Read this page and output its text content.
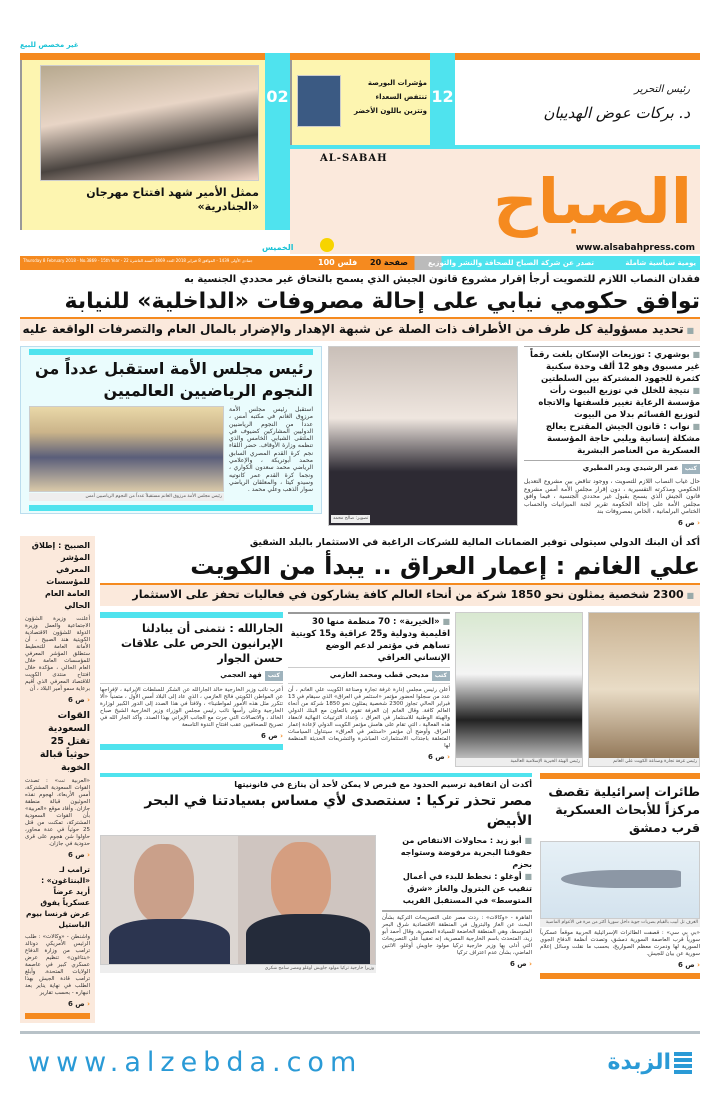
غير مخصص للبيع
ممثل الأمير شهد افتتاح مهرجان «الجنادرية»
02
مؤشرات البورصة
تنتفض السعداء
وتتزين باللون الأخضر
12	رئيس التحرير
د. بركات عوض الهديبان
AL-SABAH
الصباح
www.alsabahpress.com
الخميس
Thursday 8 February 2018 - No.3869 - 15th Year - 22 جمادى الأولى 1439 - الموافق 8 فبراير 2018 العدد 3869 السنة العاشرة	100 فلس 20 صفحة	تصدر عن شركة الصباح للصحافة والنشر والتوزيع	يومية سياسية شاملة
فقدان النصاب اللازم للتصويت أرجأ إقرار مشروع قانون الجيش الذي يسمح بالتحاق غير محددي الجنسية به
توافق حكومي نيابي على إحالة مصروفات «الداخلية» للنيابة
■ تحديد مسؤولية كل طرف من الأطراف ذات الصلة عن شبهة الإهدار والإضرار بالمال العام والتصرفات الواقعة عليه
■ بوشهري : توزيعات الإسكان بلغت رقماً غير مسبوق وهو 12 ألف وحدة سكنية كثمرة للجهود المشتركة بين السلطتين
■ نتيجة للخلل في توزيع البيوت رأت مؤسسة الرعاية تغيير فلسفتها والاتجاه لتوزيع القسائم بدلا من البيوت
■ نواب : قانون الجيش المقترح يعالج مشكلة إنسانية ويلبي حاجة المؤسسة العسكرية من العناصر البشرية
كتبعمر الرشيدي وبدر المطيري
حال غياب النصاب اللازم للتصويت ، ووجود تناقض بين مشروع التعديل الحكومي ومذكرته التفسيرية ، دون إقرار مجلس الأمة أمس مشروع قانون الجيش الذي يسمح بقبول غير محددي الجنسية ، فيما وافق مجلس الأمة على إحالة الحكومة تقرير لجنة الميزانيات والحساب الختامي البرلمانية ، الخاص بمصروفات بند
‹ ص 6
تصوير: صالح محمد
رئيس مجلس الأمة استقبل عدداً من النجوم الرياضيين العالميين
استقبل رئيس مجلس الأمة مرزوق الغانم في مكتبه أمس ، عدداً من النجوم الرياضيين الدوليين المشاركين كضيوف في الملتقى الشبابي الخامس والذي تنظمه وزارة الأوقاف. حضر اللقاء نجم كرة القدم المصري السابق محمد أبوتريكة ، والإعلامي الرياضي محمد سعدون الكواري ، ونجما كرة القدم عمر كانوتيه وسيدو كيتا ، والمعلقان الرياضي سوار الذهب وعلي محمد .
رئيس مجلس الأمة مرزوق الغانم مستقبلاً عدداً من النجوم الرياضيين أمس
الصبيح : إطلاق المؤشر المعرفي للمؤسسات العامة العام الحالي
أعلنت وزيرة الشؤون الاجتماعية والعمل وزيرة الدولة للشؤون الاقتصادية الكويتية هند الصبيح ، أن الأمانة العامة للتخطيط ستطلق المؤشر المعرفي للمؤسسات العامة خلال العام الحالي ، مؤكدة خلال افتتاح منتدى الكويت للاقتصاد المعرفي الذي أقيم برعاية سمو أمير البلاد ، أن
‹ ص 6
القوات السعودية تقتل 25 حوثياً قبالة الخوبة
«العربية نت» : تصدت القوات السعودية المشتركة، أمس الأربعاء، لهجوم نفذه الحوثيون قبالة منطقة جازان. وأفاد موقع «العربية» بأن القوات السعودية المشتركة، تمكنت من قتل 25 حوثياً في عدة محاور، حاولوا شن هجوم على قرى حدودية في جازان.
‹ ص 6
ترامب لـ «البنتاغون» : أريد عرضاً عسكرياً يفوق عرض فرنسا بيوم الباستيل
واشنطن - «وكالات» : طلب الرئيس الأمريكي دونالد ترامب من وزارة الدفاع «بنتاغون» تنظيم عرض عسكري كبير في عاصمة الولايات المتحدة. وأبلغ ترامب قادة الجيش بهذا الطلب في نهاية يناير بعد انبهاره - بحسب تقارير
‹ ص 6
أكد أن البنك الدولي سيتولى توفير الضمانات المالية للشركات الراغبة في الاستثمار بالبلد الشقيق
علي الغانم : إعمار العراق .. يبدأ من الكويت
■ 2300 شخصية يمثلون نحو 1850 شركة من أنحاء العالم كافة يشاركون في فعاليات تحفز على الاستثمار
رئيس غرفة تجارة وصناعة الكويت علي الغانم
رئيس الهيئة الخيرية الإسلامية العالمية
■ «الخيرية» : 70 منظمة منها 30 اقليمية ودولية و25 عراقية و15 كويتية تساهم في مؤتمر لدعم الوضع الإنساني العراقي
كتبمديحي قطب ومحمد العازمي
أعلن رئيس مجلس إدارة غرفة تجارة وصناعة الكويت علي الغانم ، أن عدد من سجلوا لحضور مؤتمر «استثمر في العراق» الذي سيقام في 13 فبراير الحالي تجاوز 2300 شخصية يمثلون نحو 1850 شركة من أنحاء العالم كافة. وقال الغانم إن الغرفة تقوم بالتعاون مع البنك الدولي والهيئة الوطنية للاستثمار في العراق ، بإعداد الترتيبات النهائية لانعقاد هذه الفعالية ، التي تقام على هامش مؤتمر الكويت الدولي لإعادة إعمار العراق. وأوضح أن مؤتمر «استثمر في العراق» سيتناول السياسات المتعلقة باجتذاب الاستثمارات المباشرة والتشريعات الحديثة المنظمة لها
‹ ص 6
الجارالله : نتمنى أن يبادلنا الإيرانيون الحرص على علاقات حسن الجوار
كتبفهد العجمي
أعرب نائب وزير الخارجية خالد الجارالله عن الشكر للسلطات الإيرانية ، لإفراجها عن المواطن الكويتي فالح العازمي ، الذي عاد إلى البلاد أمس الأول ، متمنياً «ألا تتكرر مثل هذه الأمور لمواطنينا» ، ولافتاً في هذا الصدد إلى الدور الكبير لوزارة الخارجية وعلى رأسها نائب رئيس مجلس الوزراء وزير الخارجية الشيخ صباح الخالد ، والاتصالات التي جرت مع الجانب الإيراني بهذا الصدد. وأكد الجار الله في تصريح للصحافيين عقب افتتاح الندوة التاسعة
‹ ص 6
طائرات إسرائيلية تقصف مركزاً للأبحاث العسكرية قرب دمشق
الغرف تل أبيب بالقيام بضربات جوية داخل سوريا أكثر من مرة في الأعوام الماضية
«بي بي سي» : قصفت الطائرات الإسرائيلية الحربية موقعاً عسكرياً سورياً قرب العاصمة السورية دمشق، وتصدت أنظمة الدفاع الجوي السورية لها ودمرت معظم الصواريخ، بحسب ما نقلت وسائل إعلام سورية عن بيان للجيش.
‹ ص 6
أكدت أن اتفاقية ترسيم الحدود مع قبرص لا يمكن لأحد أن ينازع في قانونيتها
مصر تحذر تركيا : سنتصدى لأي مساس بسيادتنا في البحر الأبيض
■ أبو زيد : محاولات الانتقاص من حقوقنا البحرية مرفوضة وستواجه بحزم
■ أوغلو : نخطط للبدء في أعمال تنقيب عن البترول والغاز «شرق المتوسط» في المستقبل القريب
القاهرة - «وكالات» : ردت مصر على التصريحات التركية بشأن البحث عن الغاز والبترول في المنطقة الاقتصادية شرق البحر المتوسط، وهي المنطقة الخاضعة للسيادة المصرية. وقال أحمد أبو زيد، المتحدث باسم الخارجية المصرية، إنه تعقيباً على التصريحات التي أدلى بها وزير خارجية تركيا مولود جاويش أوغلو، الاثنين الماضي، بشأن عدم اعتراف تركيا
‹ ص 6
وزيرا خارجية تركيا مولود جاويش أوغلو ومصر سامح شكري
www.alzebda.com	الزبدة
